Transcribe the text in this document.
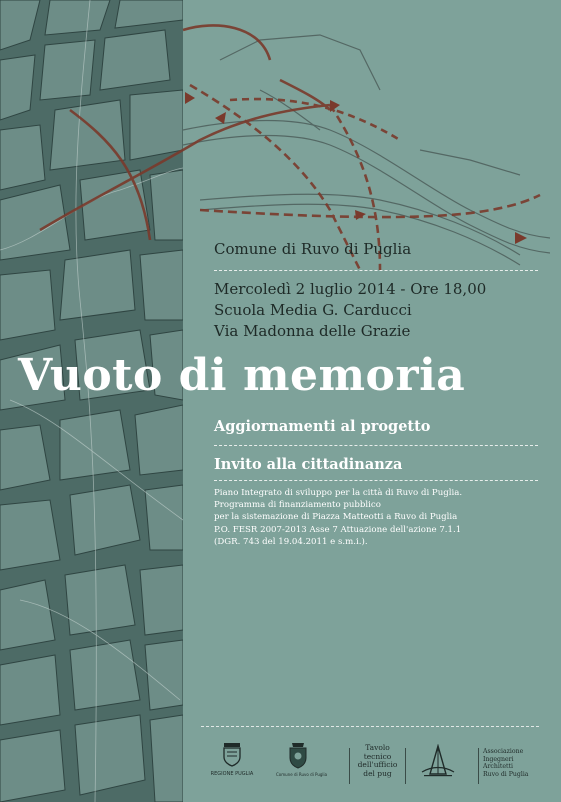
Comune di Ruvo di Puglia
Mercoledì 2 luglio 2014 - Ore 18,00
Scuola Media G. Carducci
Via Madonna delle Grazie
Vuoto di memoria
Aggiornamenti al progetto
Invito alla cittadinanza
Piano Integrato di sviluppo per la città di Ruvo di Puglia.
Programma di finanziamento pubblico
per la sistemazione di Piazza Matteotti a Ruvo di Puglia
P.O. FESR 2007-2013 Asse 7 Attuazione dell'azione 7.1.1
(DGR. 743 del 19.04.2011 e s.m.i.).
REGIONE PUGLIA	Comune di Ruvo di Puglia
Tavolo
tecnico
dell'ufficio
del pug
Associazione
Ingegneri
Architetti
Ruvo di Puglia
